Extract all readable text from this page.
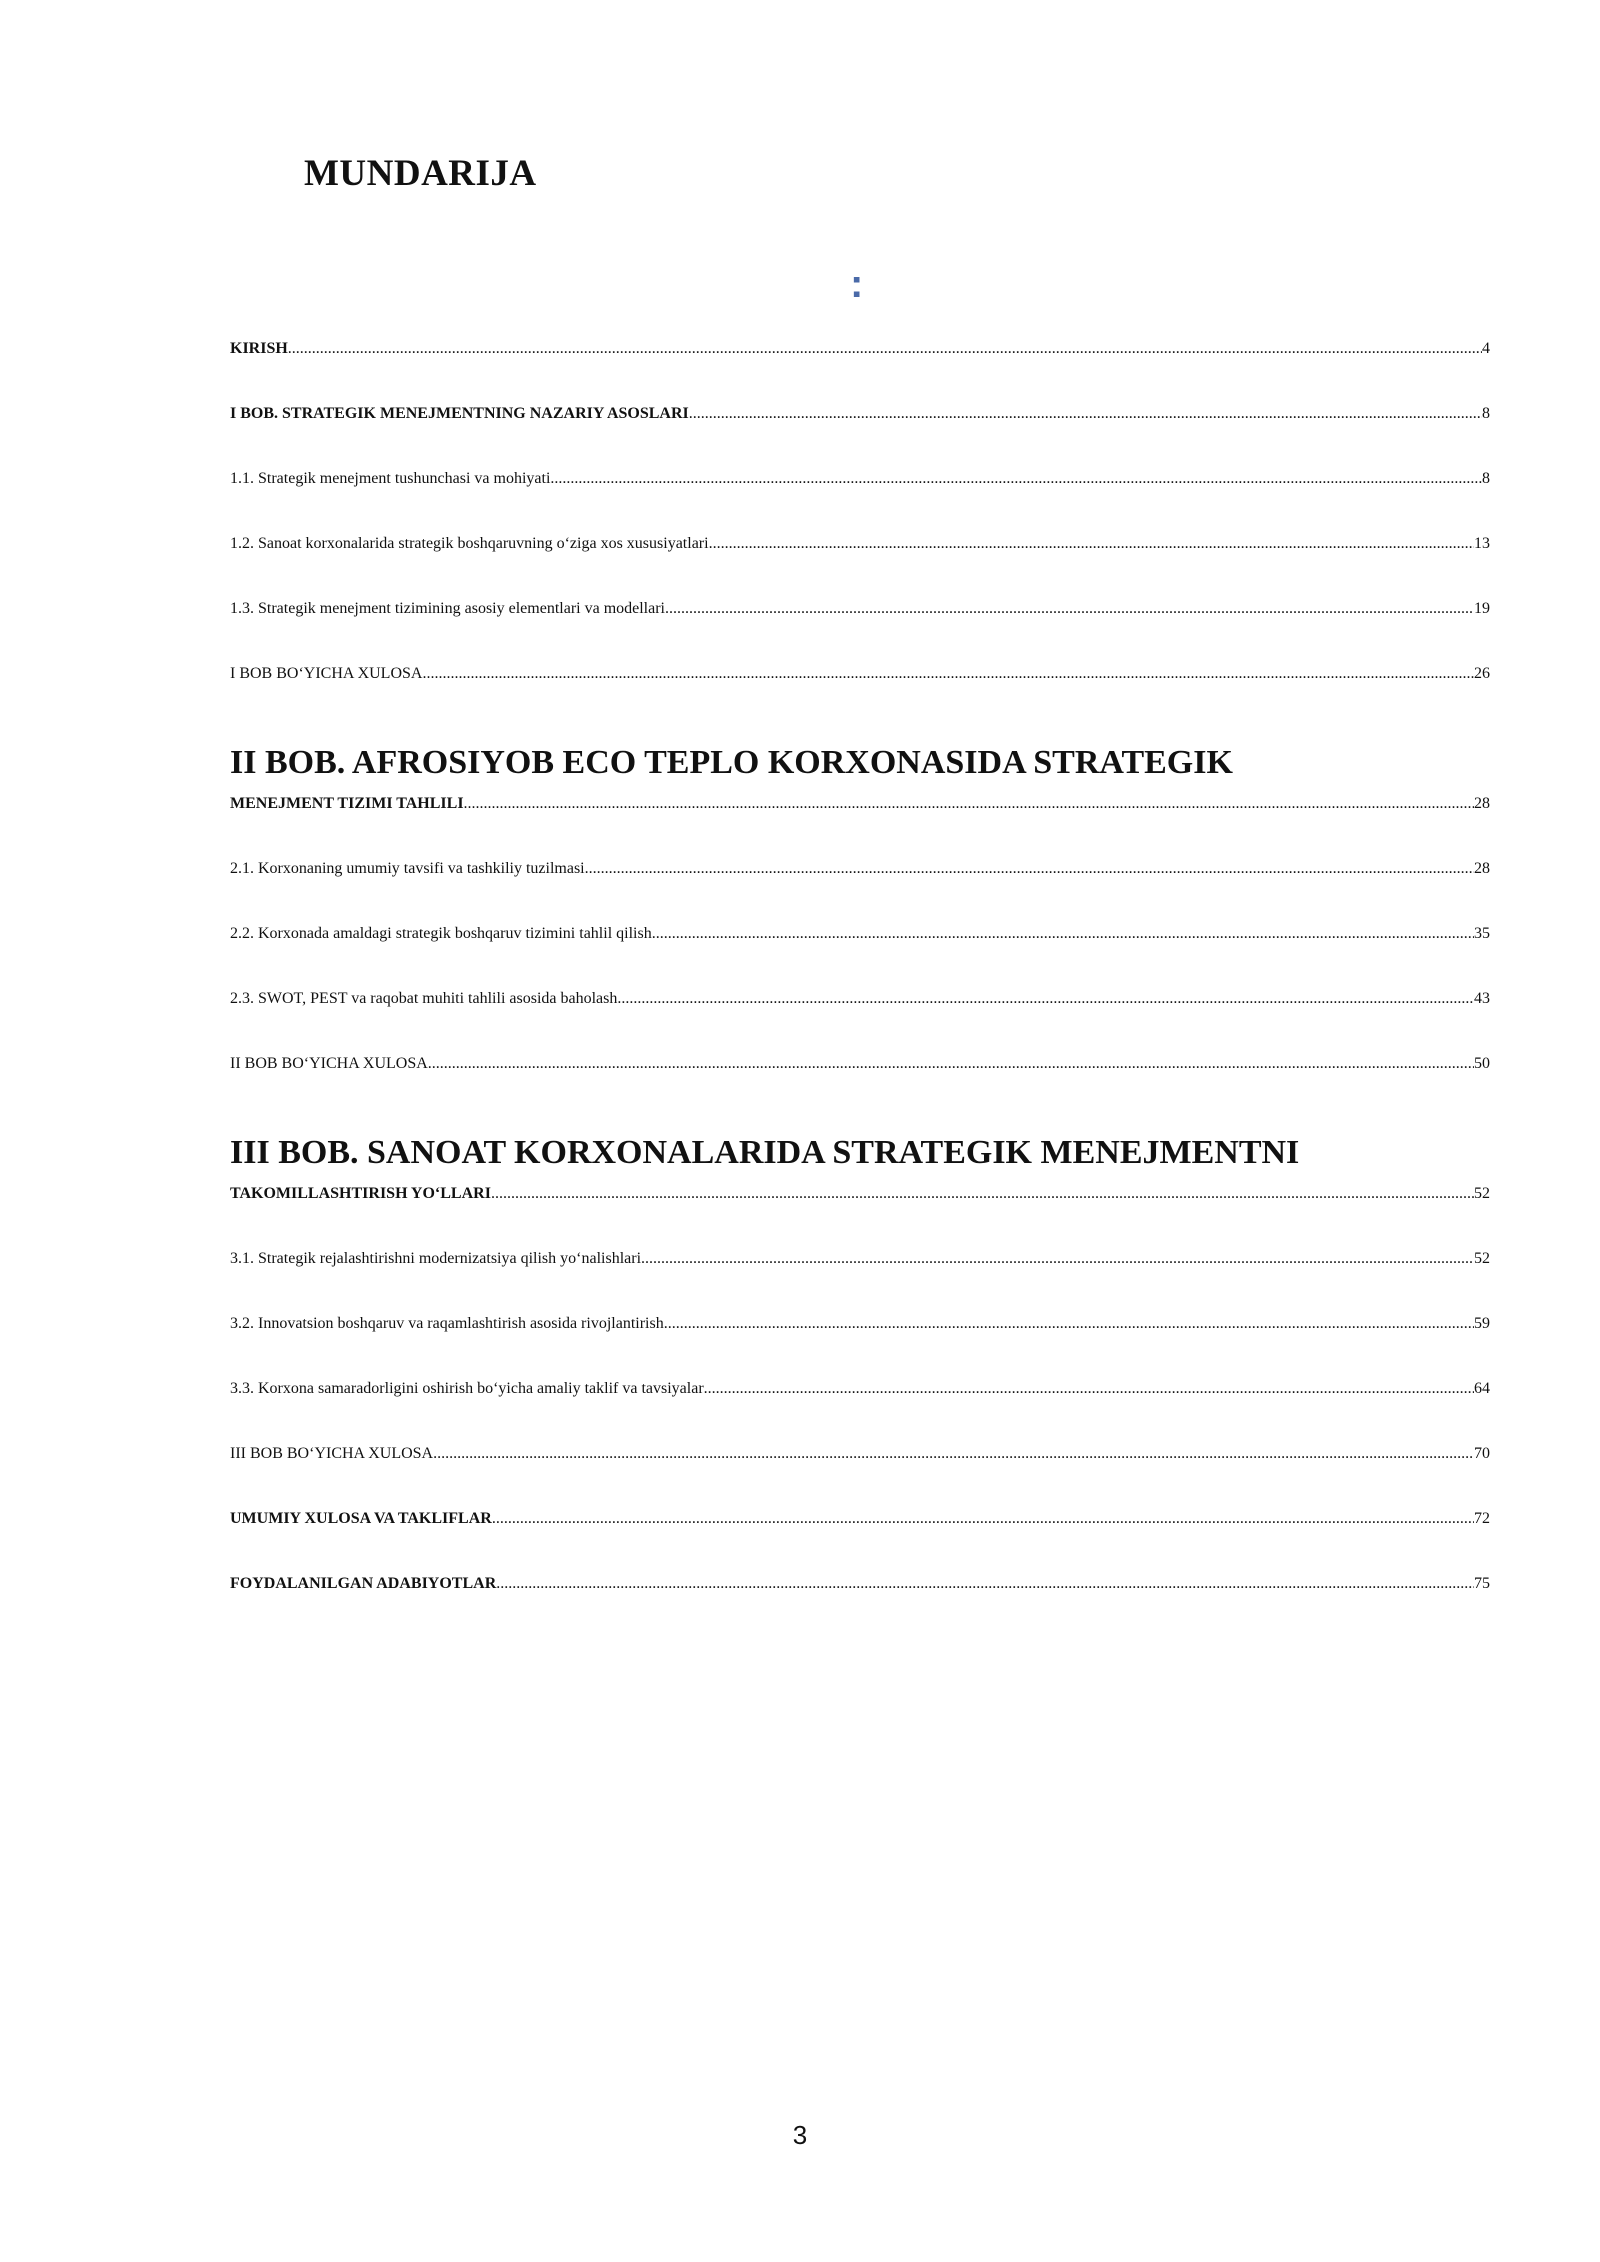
MUNDARIJA
:
KIRISH .....	4
I BOB. STRATEGIK MENEJMENTNING NAZARIY ASOSLARI .....	8
1.1. Strategik menejment tushunchasi va mohiyati .....	8
1.2. Sanoat korxonalarida strategik boshqaruvning o‘ziga xos xususiyatlari. .....	13
1.3. Strategik menejment tizimining asosiy elementlari va modellari .....	19
I BOB BO‘YICHA XULOSA .....	26
II BOB. AFROSIYOB ECO TEPLO KORXONASIDA STRATEGIK
MENEJMENT TIZIMI TAHLILI .....	28
2.1. Korxonaning umumiy tavsifi va tashkiliy tuzilmasi .....	28
2.2. Korxonada amaldagi strategik boshqaruv tizimini tahlil qilish .....	35
2.3. SWOT, PEST va raqobat muhiti tahlili asosida baholash .....	43
II BOB BO‘YICHA XULOSA .....	50
III BOB. SANOAT KORXONALARIDA STRATEGIK MENEJMENTNI
TAKOMILLASHTIRISH YO‘LLARI .....	52
3.1. Strategik rejalashtirishni modernizatsiya qilish yo‘nalishlari .....	52
3.2. Innovatsion boshqaruv va raqamlashtirish asosida rivojlantirish .....	59
3.3. Korxona samaradorligini oshirish bo‘yicha amaliy taklif va tavsiyalar .....	64
III BOB BO‘YICHA XULOSA .....	70
UMUMIY XULOSA VA TAKLIFLAR .....	72
FOYDALANILGAN ADABIYOTLAR .....	75
3
